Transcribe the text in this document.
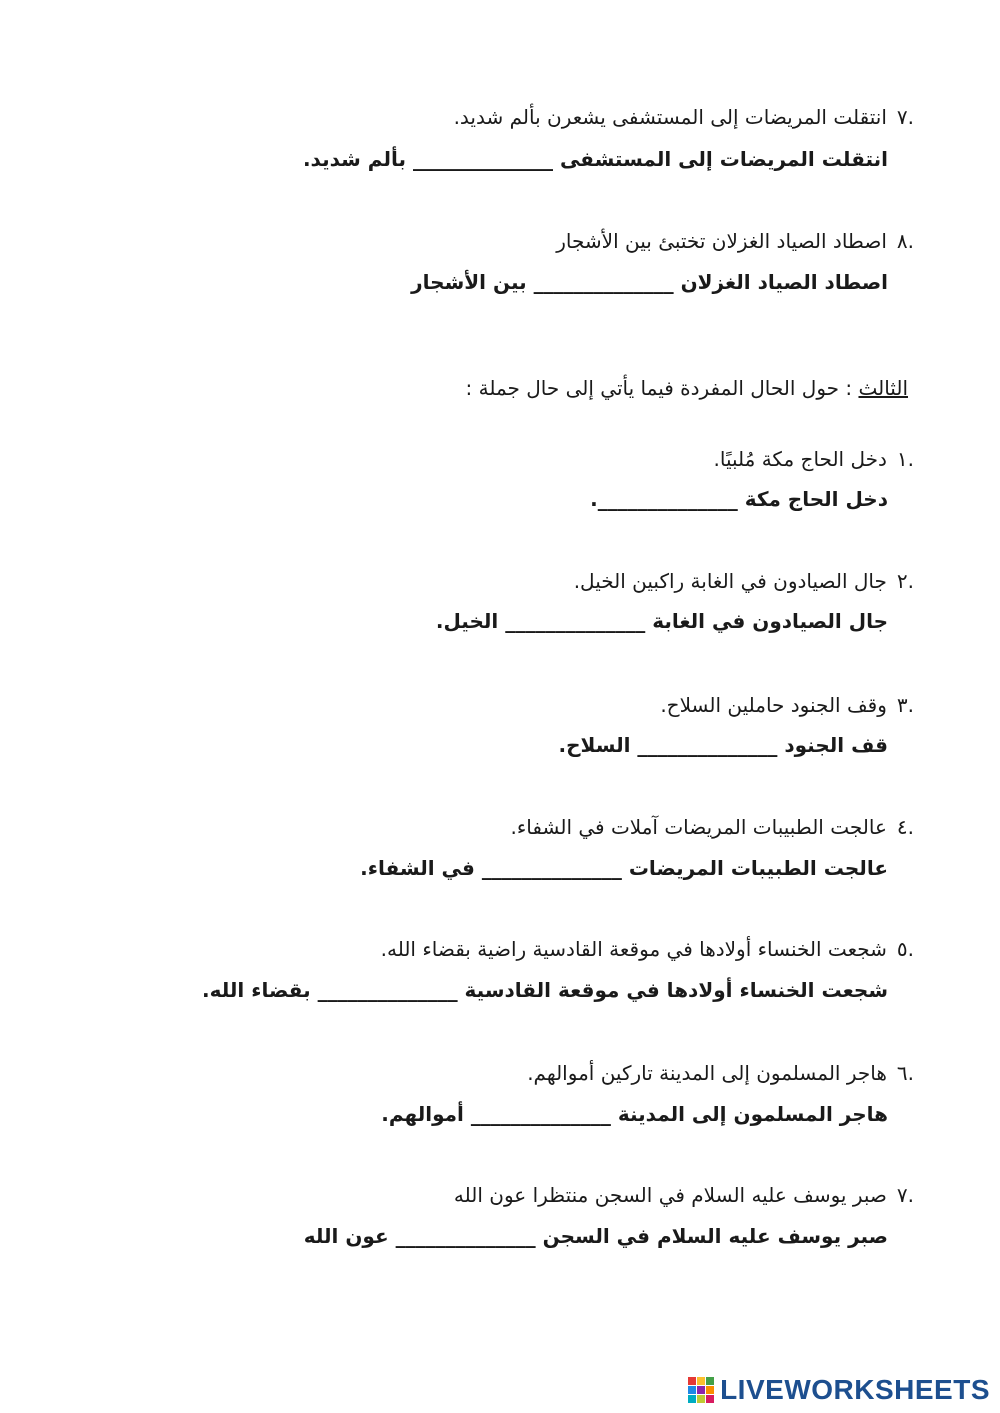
.٧انتقلت المريضات إلى المستشفى يشعرن بألم شديد.
انتقلت المريضات إلى المستشفى ______________ بألم شديد.
.٨اصطاد الصياد الغزلان تختبئ بين الأشجار
اصطاد الصياد الغزلان ______________ بين الأشجار
الثالث : حول الحال المفردة فيما يأتي إلى حال جملة :
.١دخل الحاج مكة مُلبيًا.
دخل الحاج مكة ______________.
.٢جال الصيادون في الغابة راكبين الخيل.
جال الصيادون في الغابة ______________ الخيل.
.٣وقف الجنود حاملين السلاح.
قف الجنود ______________ السلاح.
.٤عالجت الطبيبات المريضات آملات في الشفاء.
عالجت الطبيبات المريضات ______________ في الشفاء.
.٥شجعت الخنساء أولادها في موقعة القادسية راضية بقضاء الله.
شجعت الخنساء أولادها في موقعة القادسية ______________ بقضاء الله.
.٦هاجر المسلمون إلى المدينة تاركين أموالهم.
هاجر المسلمون إلى المدينة ______________ أموالهم.
.٧صبر يوسف عليه السلام في السجن منتظرا عون الله
صبر يوسف عليه السلام في السجن ______________ عون الله
LIVEWORKSHEETS
